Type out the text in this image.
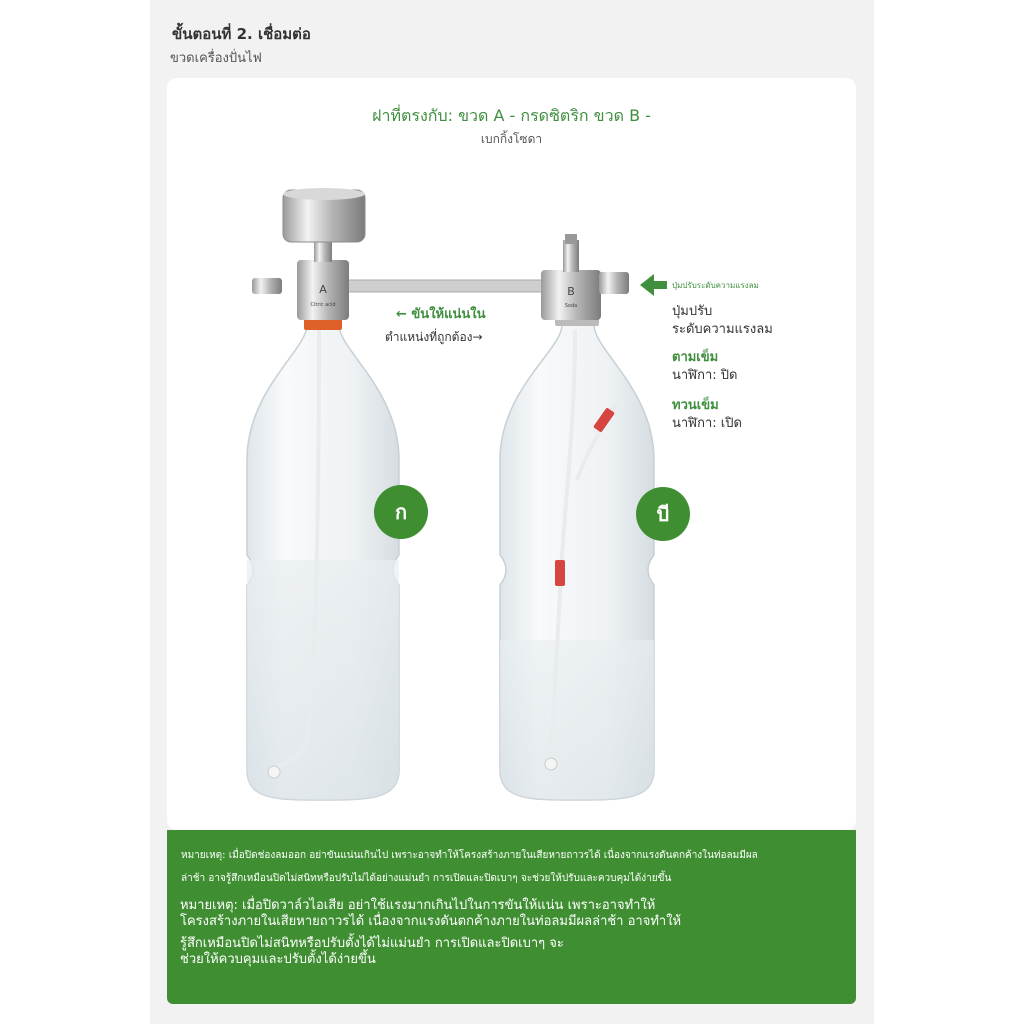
ขั้นตอนที่ 2. เชื่อมต่อ
ขวดเครื่องปั่นไฟ
ฝาที่ตรงกับ: ขวด A - กรดซิตริก ขวด B -
เบกกิ้งโซดา
A
Citric acid
B
Soda
ก	บี
← ขันให้แน่นใน
ตำแหน่งที่ถูกต้อง→
ปุ่มปรับระดับความแรงลม
ปุ่มปรับ
ระดับความแรงลม
ตามเข็ม
นาฬิกา: ปิด
ทวนเข็ม
นาฬิกา: เปิด
หมายเหตุ: เมื่อปิดช่องลมออก อย่าขันแน่นเกินไป เพราะอาจทำให้โครงสร้างภายในเสียหายถาวรได้ เนื่องจากแรงดันตกค้างในท่อลมมีผล
ล่าช้า อาจรู้สึกเหมือนปิดไม่สนิทหรือปรับไม่ได้อย่างแม่นยำ การเปิดและปิดเบาๆ จะช่วยให้ปรับและควบคุมได้ง่ายขึ้น
หมายเหตุ: เมื่อปิดวาล์วไอเสีย อย่าใช้แรงมากเกินไปในการขันให้แน่น เพราะอาจทำให้
โครงสร้างภายในเสียหายถาวรได้ เนื่องจากแรงดันตกค้างภายในท่อลมมีผลล่าช้า อาจทำให้
รู้สึกเหมือนปิดไม่สนิทหรือปรับตั้งได้ไม่แม่นยำ การเปิดและปิดเบาๆ จะ
ช่วยให้ควบคุมและปรับตั้งได้ง่ายขึ้น
